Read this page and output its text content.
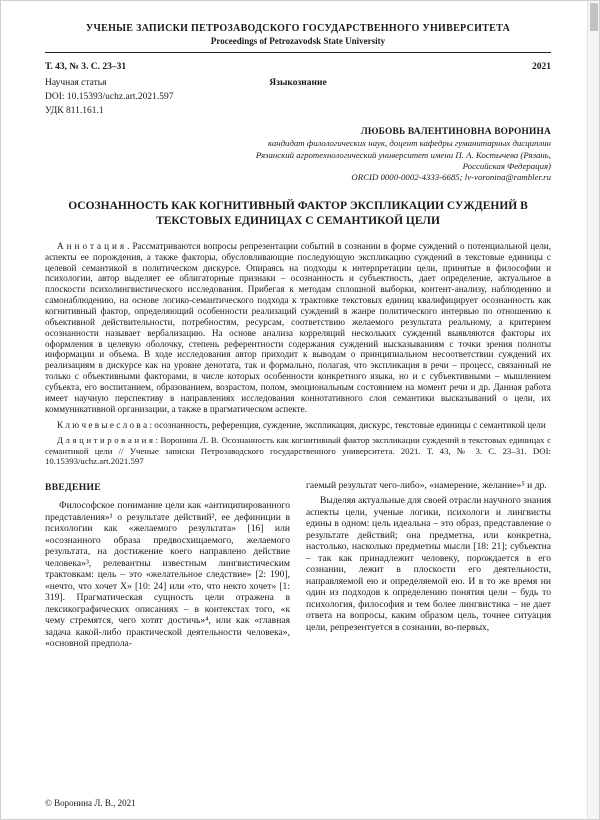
УЧЕНЫЕ ЗАПИСКИ ПЕТРОЗАВОДСКОГО ГОСУДАРСТВЕННОГО УНИВЕРСИТЕТА
Proceedings of Petrozavodsk State University
Т. 43, № 3. С. 23–31	2021
Научная статья	Языкознание
DOI: 10.15393/uchz.art.2021.597
УДК 811.161.1
ЛЮБОВЬ ВАЛЕНТИНОВНА ВОРОНИНА
кандидат филологических наук, доцент кафедры гуманитарных дисциплин
Рязанский агротехнологический университет имени П. А. Костычева (Рязань, Российская Федерация)
ORCID 0000-0002-4333-6685; lv-voronina@rambler.ru
ОСОЗНАННОСТЬ КАК КОГНИТИВНЫЙ ФАКТОР ЭКСПЛИКАЦИИ СУЖДЕНИЙ В ТЕКСТОВЫХ ЕДИНИЦАХ С СЕМАНТИКОЙ ЦЕЛИ

А н н о т а ц и я . Рассматриваются вопросы репрезентации событий в сознании в форме суждений о потенциальной цели, аспекты ее порождения, а также факторы, обусловливающие последующую экспликацию суждений в текстовые единицы с целевой семантикой в политическом дискурсе. Опираясь на подходы к интерпретации цели, принятые в философии и психологии, автор выделяет ее облигаторные признаки – осознанность и субъектность, дает определение, актуальное в плоскости психолингвистического исследования. Прибегая к методам сплошной выборки, контент-анализу, наблюдению и самонаблюдению, на основе логико-семантического подхода к трактовке текстовых единиц квалифицирует осознанность как когнитивный фактор, определяющий особенности реализаций суждений в жанре политического интервью по отношению к объективной действительности, потребностям, ресурсам, соответствию желаемого результата реальному, а критерием осознанности называет вербализацию. На основе анализа корреляций нескольких суждений выявляются факторы их оформления в целевую оболочку, степень референтности содержания суждений высказываниям с точки зрения полноты информации и объема. В ходе исследования автор приходит к выводам о принципиальном несоответствии суждений их реализациям в дискурсе как на уровне денотата, так и формально, полагая, что экспликация в речи – процесс, связанный не только с объективными факторами, в числе которых особенности конкретного языка, но и с субъективными – мышлением субъекта, его воспитанием, образованием, возрастом, полом, эмоциональным состоянием на момент речи и др. Данная работа имеет научную перспективу в направлениях исследования коннотативного слоя семантики высказываний о цели, их коммуникативной организации, а также в прагматическом аспекте.

К л ю ч е в ы е с л о в а : осознанность, референция, суждение, экспликация, дискурс, текстовые единицы с семантикой цели

Д л я ц и т и р о в а н и я : Воронина Л. В. Осознанность как когнитивный фактор экспликации суждений в текстовых единицах с семантикой цели // Ученые записки Петрозаводского государственного университета. 2021. Т. 43, № 3. С. 23–31. DOI: 10.15393/uchz.art.2021.597

ВВЕДЕНИЕ

Философское понимание цели как «антиципированного представления»¹ о результате действий², ее дефиниции в психологии как «желаемого результата» [16] или «осознанного образа предвосхищаемого, желаемого результата, на достижение коего направлено действие человека»³, релевантны известным лингвистическим трактовкам: цель – это «желательное следствие» [2: 190], «нечто, что хочет Х» [10: 24] или «то, что некто хочет» [1: 319]. Прагматическая сущность цели отражена в лексикографических описаниях – в контекстах того, «к чему стремятся, чего хотят достичь»⁴, или как «главная задача какой-либо практической деятельности человека», «основной предпола-

гаемый результат чего-либо», «намерение, желание»⁵ и др.

Выделяя актуальные для своей отрасли научного знания аспекты цели, ученые логики, психологи и лингвисты едины в одном: цель идеальна – это образ, представление о результате действий; она предметна, или конкретна, настолько, насколько предметны мысли [18: 21]; субъектна – так как принадлежит человеку, порождается в его сознании, лежит в плоскости его деятельности, направляемой ею и определяемой ею. И в то же время ни один из подходов к определению понятия цели – будь то психология, философия и тем более лингвистика – не дает ответа на вопросы, каким образом цель, точнее ситуация цели, репрезентуется в сознании, во-первых,

© Воронина Л. В., 2021
